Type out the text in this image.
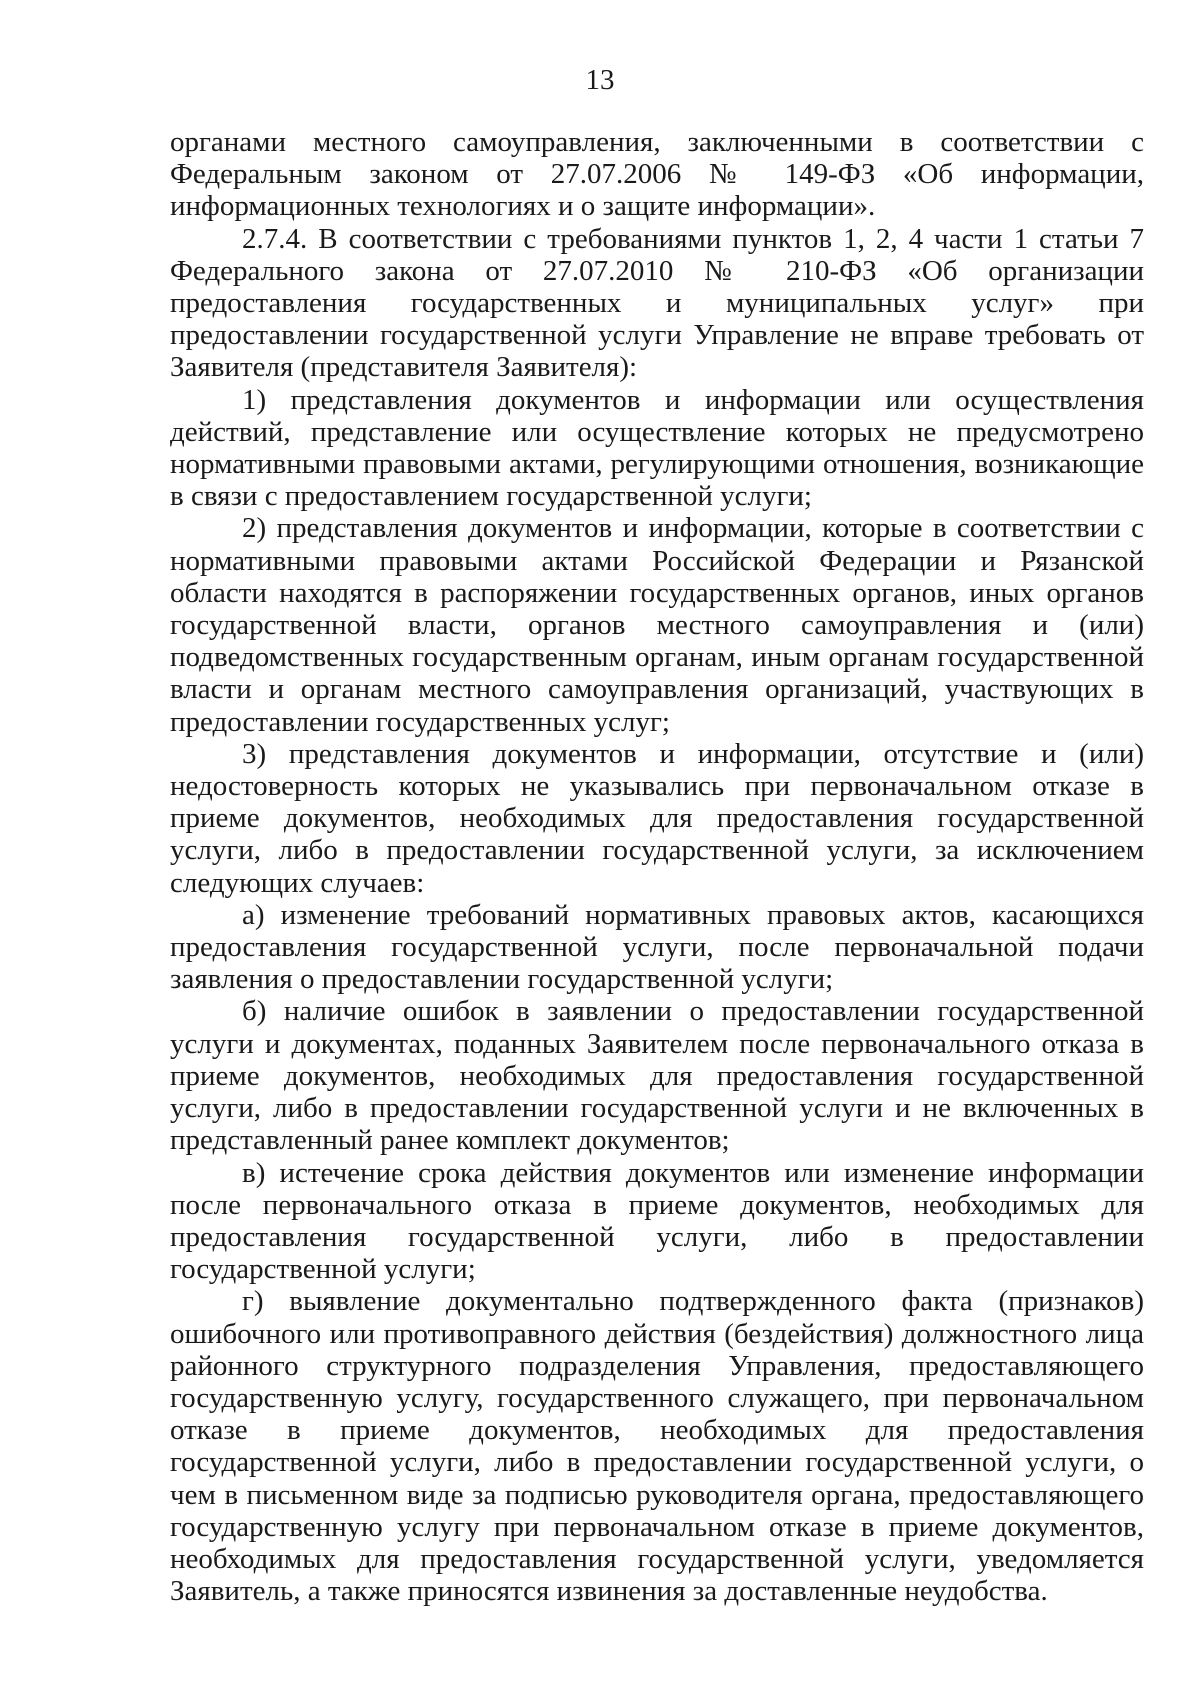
13

органами местного самоуправления, заключенными в соответствии с Федеральным законом от 27.07.2006 № 149-ФЗ «Об информации, информационных технологиях и о защите информации».

2.7.4. В соответствии с требованиями пунктов 1, 2, 4 части 1 статьи 7 Федерального закона от 27.07.2010 № 210-ФЗ «Об организации предоставления государственных и муниципальных услуг» при предоставлении государственной услуги Управление не вправе требовать от Заявителя (представителя Заявителя):

1) представления документов и информации или осуществления действий, представление или осуществление которых не предусмотрено нормативными правовыми актами, регулирующими отношения, возникающие в связи с предоставлением государственной услуги;

2) представления документов и информации, которые в соответствии с нормативными правовыми актами Российской Федерации и Рязанской области находятся в распоряжении государственных органов, иных органов государственной власти, органов местного самоуправления и (или) подведомственных государственным органам, иным органам государственной власти и органам местного самоуправления организаций, участвующих в предоставлении государственных услуг;

3) представления документов и информации, отсутствие и (или) недостоверность которых не указывались при первоначальном отказе в приеме документов, необходимых для предоставления государственной услуги, либо в предоставлении государственной услуги, за исключением следующих случаев:

а) изменение требований нормативных правовых актов, касающихся предоставления государственной услуги, после первоначальной подачи заявления о предоставлении государственной услуги;

б) наличие ошибок в заявлении о предоставлении государственной услуги и документах, поданных Заявителем после первоначального отказа в приеме документов, необходимых для предоставления государственной услуги, либо в предоставлении государственной услуги и не включенных в представленный ранее комплект документов;

в) истечение срока действия документов или изменение информации после первоначального отказа в приеме документов, необходимых для предоставления государственной услуги, либо в предоставлении государственной услуги;

г) выявление документально подтвержденного факта (признаков) ошибочного или противоправного действия (бездействия) должностного лица районного структурного подразделения Управления, предоставляющего государственную услугу, государственного служащего, при первоначальном отказе в приеме документов, необходимых для предоставления государственной услуги, либо в предоставлении государственной услуги, о чем в письменном виде за подписью руководителя органа, предоставляющего государственную услугу при первоначальном отказе в приеме документов, необходимых для предоставления государственной услуги, уведомляется Заявитель, а также приносятся извинения за доставленные неудобства.
